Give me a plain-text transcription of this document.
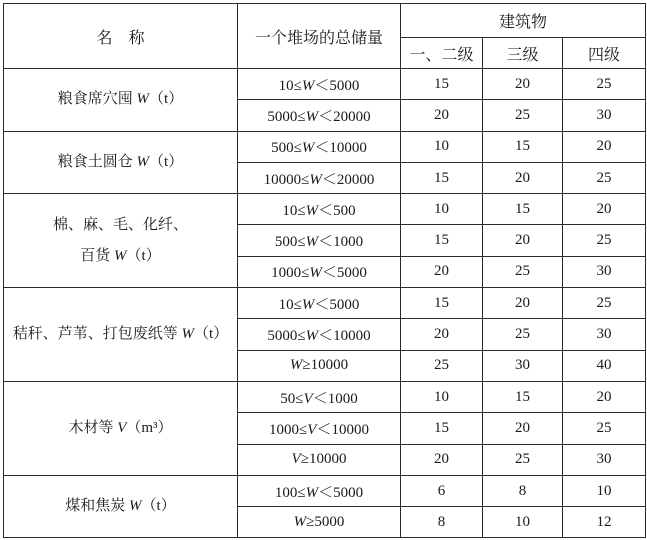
名　称	一个堆场的总储量	建筑物		
		一、二级	三级	四级

粮食席穴囤 W（t）	10≤W＜5000	15	20	25
	5000≤W＜20000	20	25	30

粮食土圆仓 W（t）	500≤W＜10000	10	15	20
	10000≤W＜20000	15	20	25

棉、麻、毛、化纤、
百货 W（t）	10≤W＜500	10	15	20
	500≤W＜1000	15	20	25
	1000≤W＜5000	20	25	30

秸秆、芦苇、打包废纸等 W（t）	10≤W＜5000	15	20	25
	5000≤W＜10000	20	25	30
	W≥10000	25	30	40

木材等 V（m³）	50≤V＜1000	10	15	20
	1000≤V＜10000	15	20	25
	V≥10000	20	25	30

煤和焦炭 W（t）	100≤W＜5000	6	8	10
	W≥5000	8	10	12
